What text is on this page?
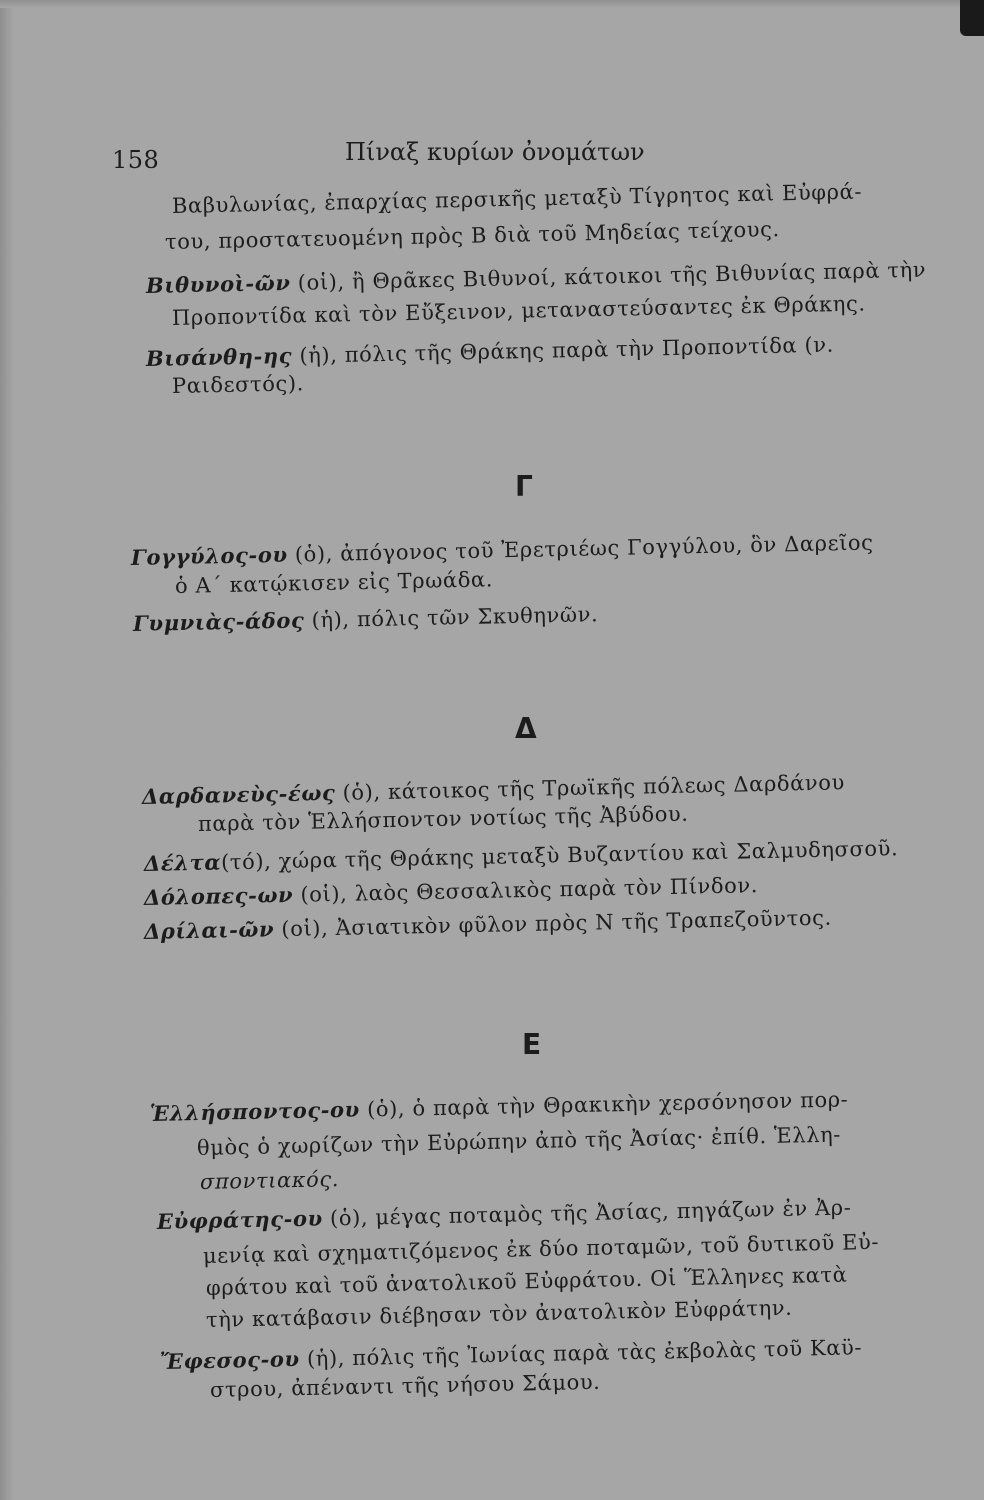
158	Πίναξ κυρίων ὀνομάτων
Βαβυλωνίας, ἐπαρχίας περσικῆς μεταξὺ Τίγρητος καὶ Εὐφρά-
του, προστατευομένη πρὸς Β διὰ τοῦ Μηδείας τείχους.
Βιθυνοὶ-ῶν (οἱ), ἢ Θρᾶκες Βιθυνοί, κάτοικοι τῆς Βιθυνίας παρὰ τὴν
Προποντίδα καὶ τὸν Εὔξεινον, μεταναστεύσαντες ἐκ Θράκης.
Βισάνθη-ης (ἡ), πόλις τῆς Θράκης παρὰ τὴν Προποντίδα (ν.
Ραιδεστός).
Γ
Γογγύλος-ου (ὁ), ἀπόγονος τοῦ Ἐρετριέως Γογγύλου, ὃν Δαρεῖος
ὁ Α΄ κατῴκισεν εἰς Τρωάδα.
Γυμνιὰς-άδος (ἡ), πόλις τῶν Σκυθηνῶν.
Δ
Δαρδανεὺς-έως (ὁ), κάτοικος τῆς Τρωϊκῆς πόλεως Δαρδάνου
παρὰ τὸν Ἑλλήσποντον νοτίως τῆς Ἀβύδου.
Δέλτα(τό), χώρα τῆς Θράκης μεταξὺ Βυζαντίου καὶ Σαλμυδησσοῦ.
Δόλοπες-ων (οἱ), λαὸς Θεσσαλικὸς παρὰ τὸν Πίνδον.
Δρίλαι-ῶν (οἱ), Ἀσιατικὸν φῦλον πρὸς Ν τῆς Τραπεζοῦντος.
Ε
Ἑλλήσποντος-ου (ὁ), ὁ παρὰ τὴν Θρακικὴν χερσόνησον πορ-
θμὸς ὁ χωρίζων τὴν Εὐρώπην ἀπὸ τῆς Ἀσίας· ἐπίθ. Ἑλλη-
σποντιακός.
Εὐφράτης-ου (ὁ), μέγας ποταμὸς τῆς Ἀσίας, πηγάζων ἐν Ἀρ-
μενίᾳ καὶ σχηματιζόμενος ἐκ δύο ποταμῶν, τοῦ δυτικοῦ Εὐ-
φράτου καὶ τοῦ ἀνατολικοῦ Εὐφράτου. Οἱ Ἕλληνες κατὰ
τὴν κατάβασιν διέβησαν τὸν ἀνατολικὸν Εὐφράτην.
Ἔφεσος-ου (ἡ), πόλις τῆς Ἰωνίας παρὰ τὰς ἐκβολὰς τοῦ Καϋ-
στρου, ἀπέναντι τῆς νήσου Σάμου.
